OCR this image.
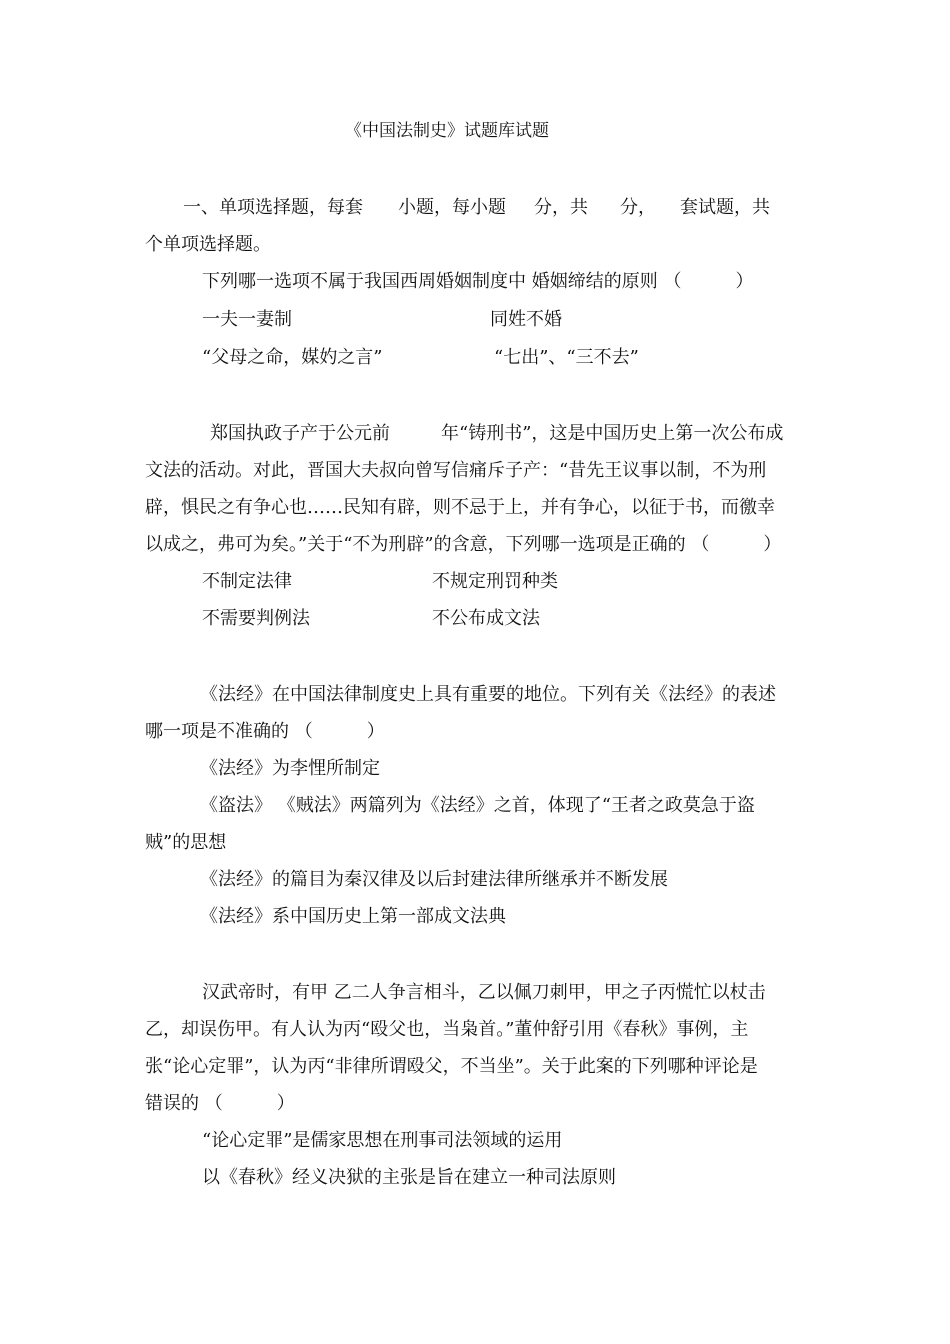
《中国法制史》试题库试题
一、单项选择题，每套 小题，每小题 分，共 分， 套试题，共
个单项选择题。
下列哪一选项不属于我国西周婚姻制度中 婚姻缔结的原则 （　　　）
一夫一妻制	同姓不婚
“父母之命，媒妁之言”	“七出”、“三不去”
郑国执政子产于公元前	年“铸刑书”，这是中国历史上第一次公布成
文法的活动。对此，晋国大夫叔向曾写信痛斥子产：“昔先王议事以制，不为刑
辟，惧民之有争心也……民知有辟，则不忌于上，并有争心，以征于书，而徼幸
以成之，弗可为矣。”关于“不为刑辟”的含意，下列哪一选项是正确的 （　　　）
不制定法律	不规定刑罚种类
不需要判例法	不公布成文法
《法经》在中国法律制度史上具有重要的地位。下列有关《法经》的表述
哪一项是不准确的 （　　　）
《法经》为李悝所制定
《盗法》 《贼法》两篇列为《法经》之首，体现了“王者之政莫急于盗
贼”的思想
《法经》的篇目为秦汉律及以后封建法律所继承并不断发展
《法经》系中国历史上第一部成文法典
汉武帝时，有甲 乙二人争言相斗，乙以佩刀刺甲，甲之子丙慌忙以杖击
乙，却误伤甲。有人认为丙“殴父也，当枭首。”董仲舒引用《春秋》事例，主
张“论心定罪”，认为丙“非律所谓殴父，不当坐”。关于此案的下列哪种评论是
错误的 （　　　）
“论心定罪”是儒家思想在刑事司法领域的运用
以《春秋》经义决狱的主张是旨在建立一种司法原则
